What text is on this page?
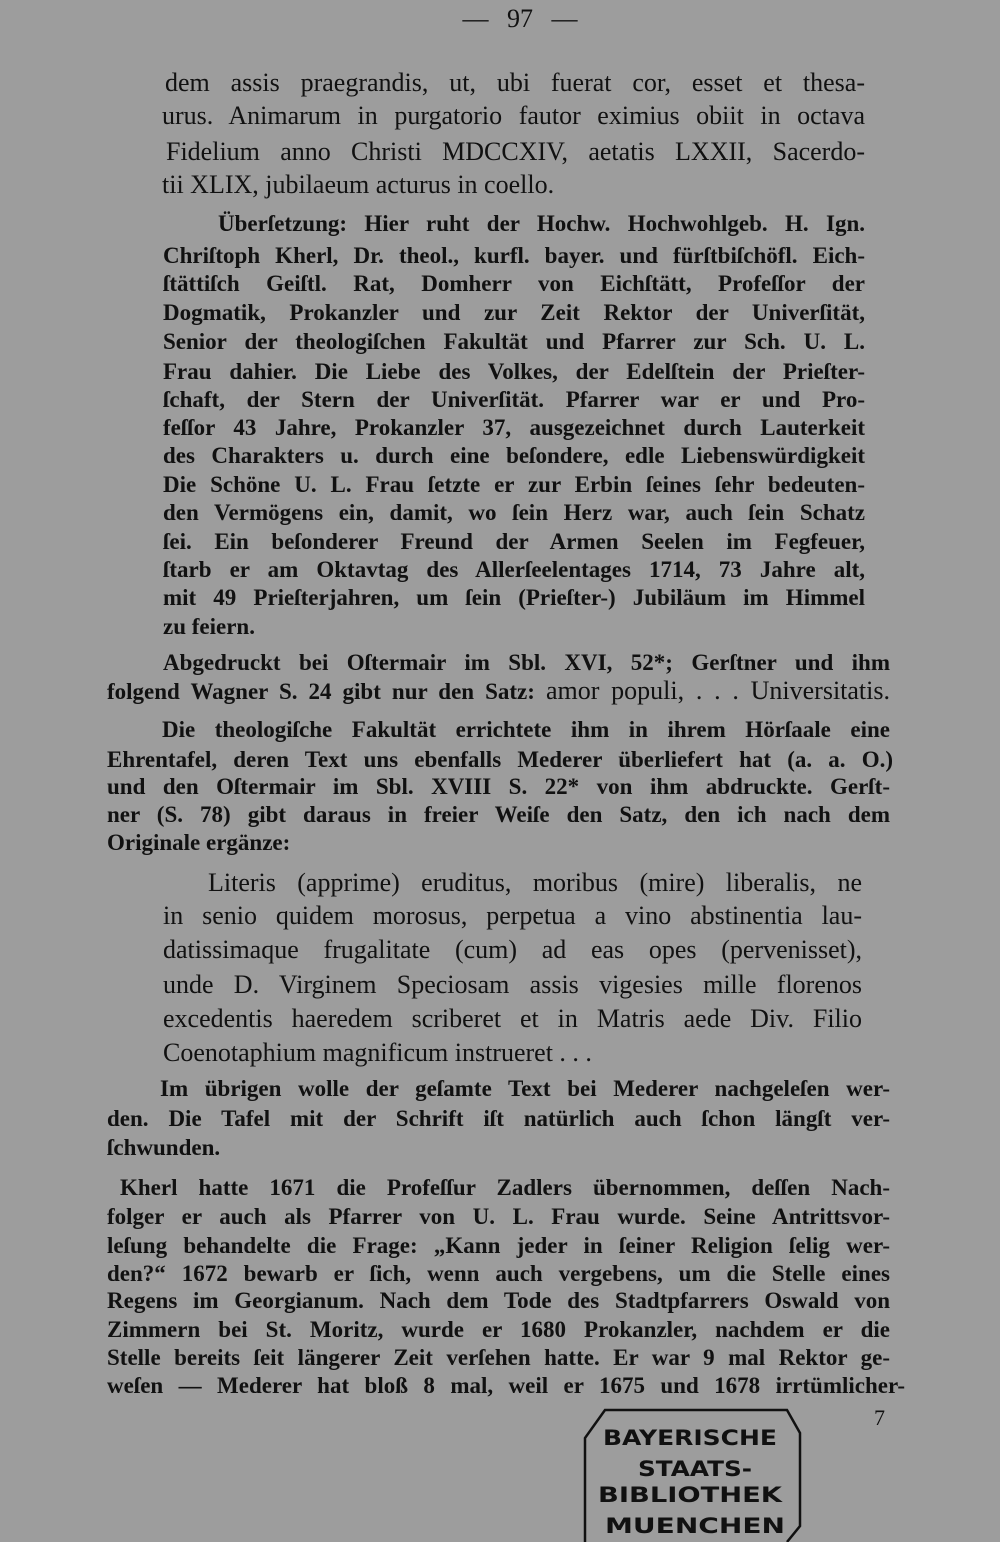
— 97 —
dem assis praegrandis, ut, ubi fuerat cor, esset et thesa-
urus. Animarum in purgatorio fautor eximius obiit in octava
Fidelium anno Christi MDCCXIV, aetatis LXXII, Sacerdo-
tii XLIX, jubilaeum acturus in coello.
Überſetzung: Hier ruht der Hochw. Hochwohlgeb. H. Ign.
Chriſtoph Kherl, Dr. theol., kurfl. bayer. und fürſtbiſchöfl. Eich-
ſtättiſch Geiſtl. Rat, Domherr von Eichſtätt, Profeſſor der
Dogmatik, Prokanzler und zur Zeit Rektor der Univerſität,
Senior der theologiſchen Fakultät und Pfarrer zur Sch. U. L.
Frau dahier. Die Liebe des Volkes, der Edelſtein der Prieſter-
ſchaft, der Stern der Univerſität. Pfarrer war er und Pro-
feſſor 43 Jahre, Prokanzler 37, ausgezeichnet durch Lauterkeit
des Charakters u. durch eine beſondere, edle Liebenswürdigkeit
Die Schöne U. L. Frau ſetzte er zur Erbin ſeines ſehr bedeuten-
den Vermögens ein, damit, wo ſein Herz war, auch ſein Schatz
ſei. Ein beſonderer Freund der Armen Seelen im Fegfeuer,
ſtarb er am Oktavtag des Allerſeelentages 1714, 73 Jahre alt,
mit 49 Prieſterjahren, um ſein (Prieſter-) Jubiläum im Himmel
zu feiern.
Abgedruckt bei Oſtermair im Sbl. XVI, 52*; Gerſtner und ihm
folgend Wagner S. 24 gibt nur den Satz: amor populi, . . . Universitatis.
Die theologiſche Fakultät errichtete ihm in ihrem Hörſaale eine
Ehrentafel, deren Text uns ebenfalls Mederer überliefert hat (a. a. O.)
und den Oſtermair im Sbl. XVIII S. 22* von ihm abdruckte. Gerſt-
ner (S. 78) gibt daraus in freier Weiſe den Satz, den ich nach dem
Originale ergänze:
Literis (apprime) eruditus, moribus (mire) liberalis, ne
in senio quidem morosus, perpetua a vino abstinentia lau-
datissimaque frugalitate (cum) ad eas opes (pervenisset),
unde D. Virginem Speciosam assis vigesies mille florenos
excedentis haeredem scriberet et in Matris aede Div. Filio
Coenotaphium magnificum instrueret . . .
Im übrigen wolle der geſamte Text bei Mederer nachgeleſen wer-
den. Die Tafel mit der Schrift iſt natürlich auch ſchon längſt ver-
ſchwunden.
Kherl hatte 1671 die Profeſſur Zadlers übernommen, deſſen Nach-
folger er auch als Pfarrer von U. L. Frau wurde. Seine Antrittsvor-
leſung behandelte die Frage: „Kann jeder in ſeiner Religion ſelig wer-
den?“ 1672 bewarb er ſich, wenn auch vergebens, um die Stelle eines
Regens im Georgianum. Nach dem Tode des Stadtpfarrers Oswald von
Zimmern bei St. Moritz, wurde er 1680 Prokanzler, nachdem er die
Stelle bereits ſeit längerer Zeit verſehen hatte. Er war 9 mal Rektor ge-
weſen — Mederer hat bloß 8 mal, weil er 1675 und 1678 irrtümlicher-
7
BAYERISCHE
STAATS-
BIBLIOTHEK
MUENCHEN
